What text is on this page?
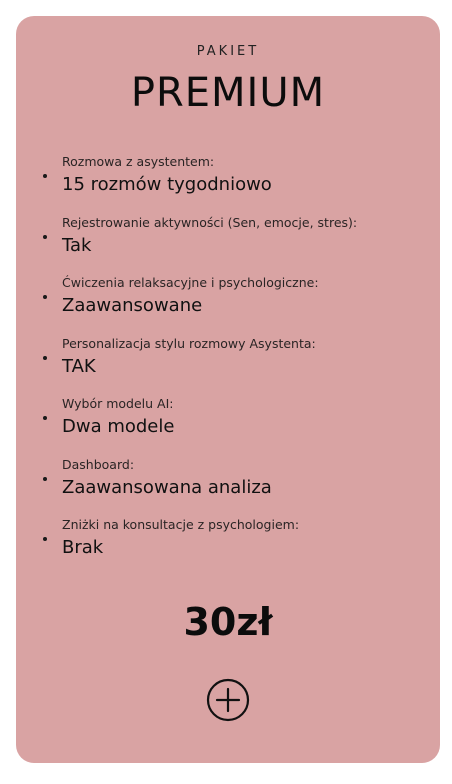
PAKIET
PREMIUM
Rozmowa z asystentem:
15 rozmów tygodniowo
Rejestrowanie aktywności (Sen, emocje, stres):
Tak
Ćwiczenia relaksacyjne i psychologiczne:
Zaawansowane
Personalizacja stylu rozmowy Asystenta:
TAK
Wybór modelu AI:
Dwa modele
Dashboard:
Zaawansowana analiza
Zniżki na konsultacje z psychologiem:
Brak
30zł
